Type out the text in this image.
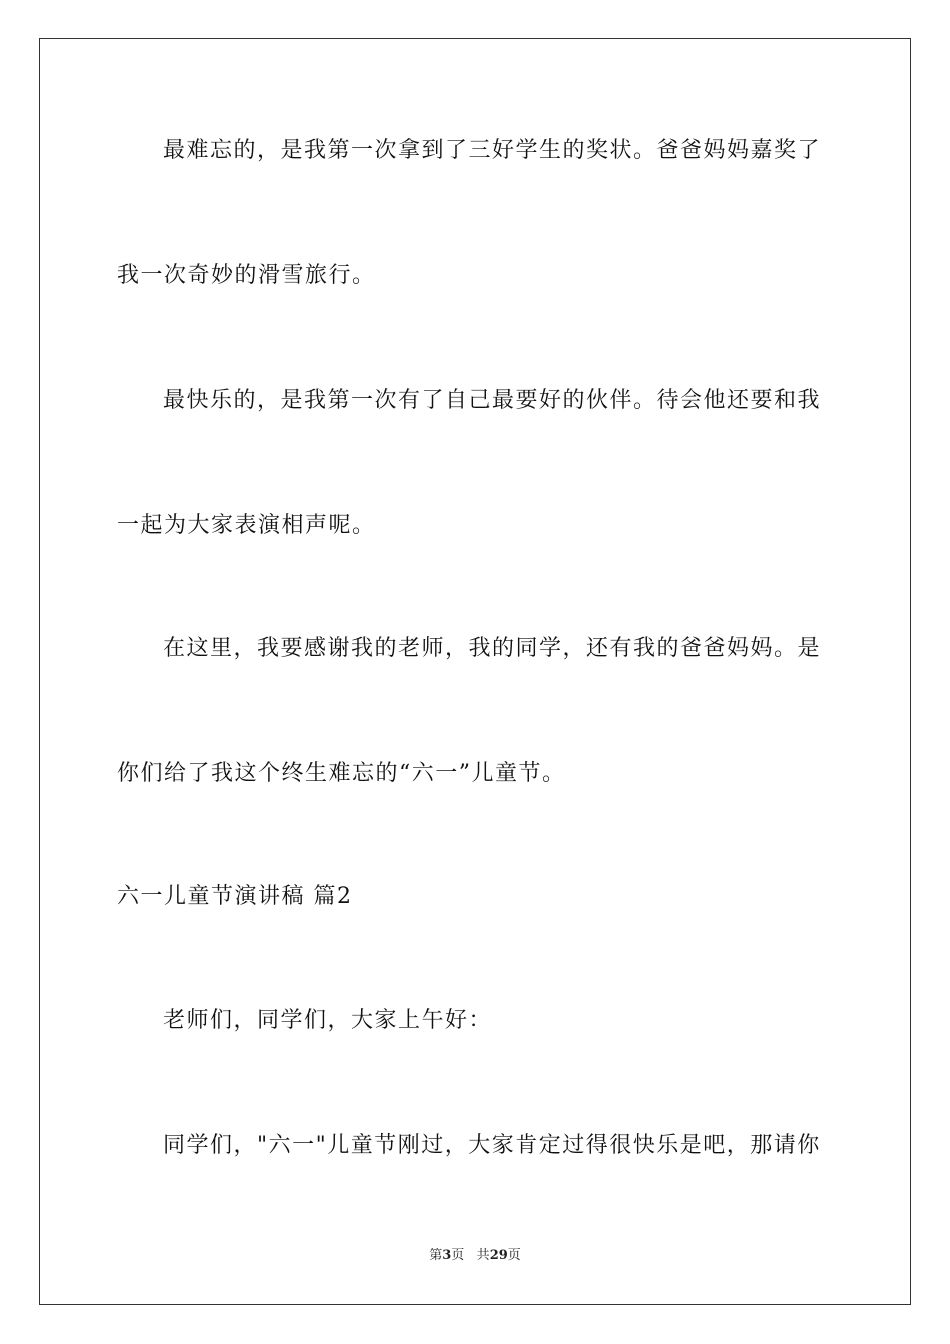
最难忘的，是我第一次拿到了三好学生的奖状。爸爸妈妈嘉奖了
我一次奇妙的滑雪旅行。
最快乐的，是我第一次有了自己最要好的伙伴。待会他还要和我
一起为大家表演相声呢。
在这里，我要感谢我的老师，我的同学，还有我的爸爸妈妈。是
你们给了我这个终生难忘的“六一”儿童节。
六一儿童节演讲稿 篇2
老师们，同学们，大家上午好：
同学们，"六一"儿童节刚过，大家肯定过得很快乐是吧，那请你
第3页 共29页
